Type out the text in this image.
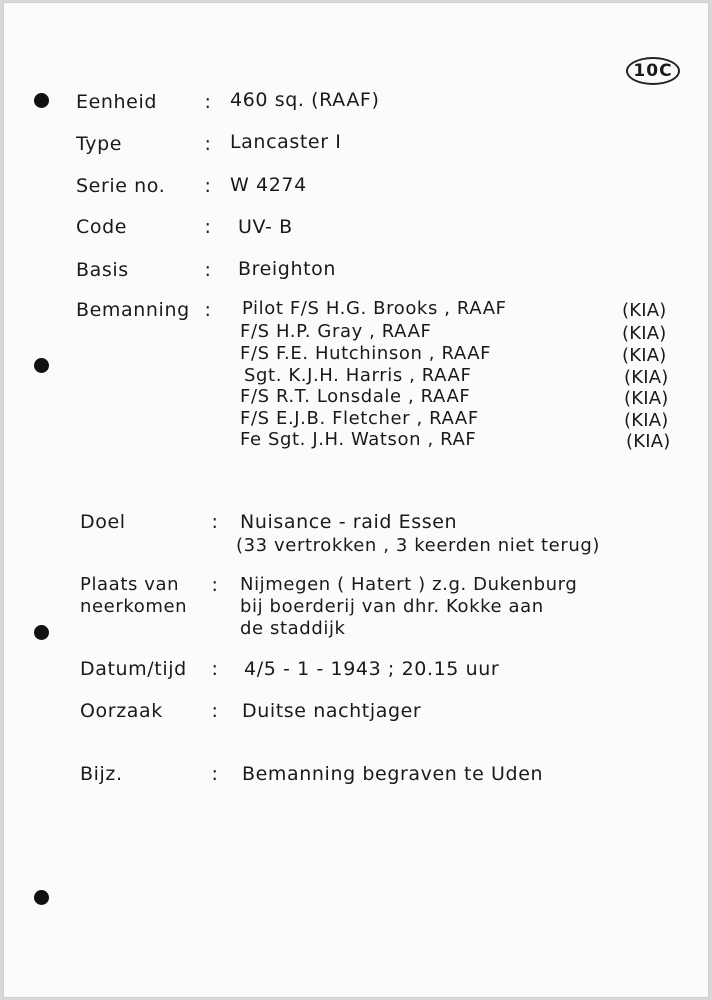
10C
Eenheid : 460 sq. (RAAF)
Type	: Lancaster I
Serie no. : W 4274
Code	: UV- B
Basis	: Breighton
Bemanning : Pilot F/S H.G. Brooks , RAAF	(KIA)
F/S H.P. Gray , RAAF	(KIA)
F/S F.E. Hutchinson , RAAF	(KIA)
Sgt. K.J.H. Harris , RAAF	(KIA)
F/S R.T. Lonsdale , RAAF	(KIA)
F/S E.J.B. Fletcher , RAAF	(KIA)
Fe Sgt. J.H. Watson , RAF	(KIA)
Doel	: Nuisance - raid Essen
(33 vertrokken , 3 keerden niet terug)
Plaats van
neerkomen
: Nijmegen ( Hatert ) z.g. Dukenburg
bij boerderij van dhr. Kokke aan
de staddijk
Datum/tijd : 4/5 - 1 - 1943 ; 20.15 uur
Oorzaak	: Duitse nachtjager
Bijz.	: Bemanning begraven te Uden
